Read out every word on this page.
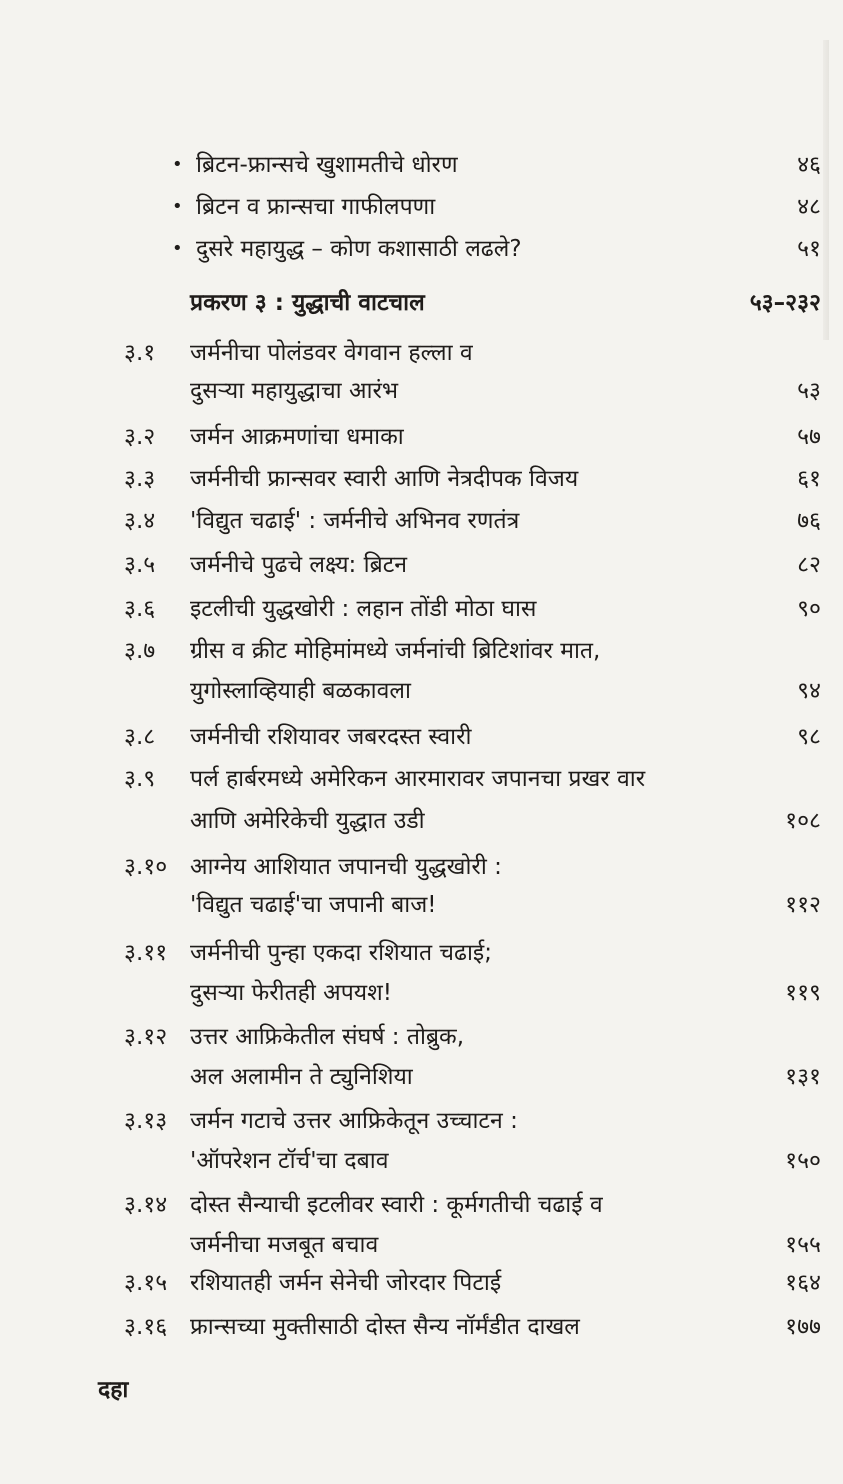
• ब्रिटन-फ्रान्सचे खुशामतीचे धोरण	४६
• ब्रिटन व फ्रान्सचा गाफीलपणा	४८
• दुसरे महायुद्ध – कोण कशासाठी लढले?	५१
प्रकरण ३ : युद्धाची वाटचाल	५३–२३२
३.१	जर्मनीचा पोलंडवर वेगवान हल्ला व
दुसऱ्या महायुद्धाचा आरंभ	५३
३.२	जर्मन आक्रमणांचा धमाका	५७
३.३	जर्मनीची फ्रान्सवर स्वारी आणि नेत्रदीपक विजय	६१
३.४	'विद्युत चढाई' : जर्मनीचे अभिनव रणतंत्र	७६
३.५	जर्मनीचे पुढचे लक्ष्य: ब्रिटन	८२
३.६	इटलीची युद्धखोरी : लहान तोंडी मोठा घास	९०
३.७	ग्रीस व क्रीट मोहिमांमध्ये जर्मनांची ब्रिटिशांवर मात,
युगोस्लाव्हियाही बळकावला	९४
३.८	जर्मनीची रशियावर जबरदस्त स्वारी	९८
३.९	पर्ल हार्बरमध्ये अमेरिकन आरमारावर जपानचा प्रखर वार
आणि अमेरिकेची युद्धात उडी	१०८
३.१० आग्नेय आशियात जपानची युद्धखोरी :
'विद्युत चढाई'चा जपानी बाज!	११२
३.११ जर्मनीची पुन्हा एकदा रशियात चढाई;
दुसऱ्या फेरीतही अपयश!	११९
३.१२ उत्तर आफ्रिकेतील संघर्ष : तोब्रुक,
अल अलामीन ते ट्युनिशिया	१३१
३.१३ जर्मन गटाचे उत्तर आफ्रिकेतून उच्चाटन :
'ऑपरेशन टॉर्च'चा दबाव	१५०
३.१४ दोस्त सैन्याची इटलीवर स्वारी : कूर्मगतीची चढाई व
जर्मनीचा मजबूत बचाव	१५५
३.१५ रशियातही जर्मन सेनेची जोरदार पिटाई	१६४
३.१६ फ्रान्सच्या मुक्तीसाठी दोस्त सैन्य नॉर्मंडीत दाखल	१७७
दहा
